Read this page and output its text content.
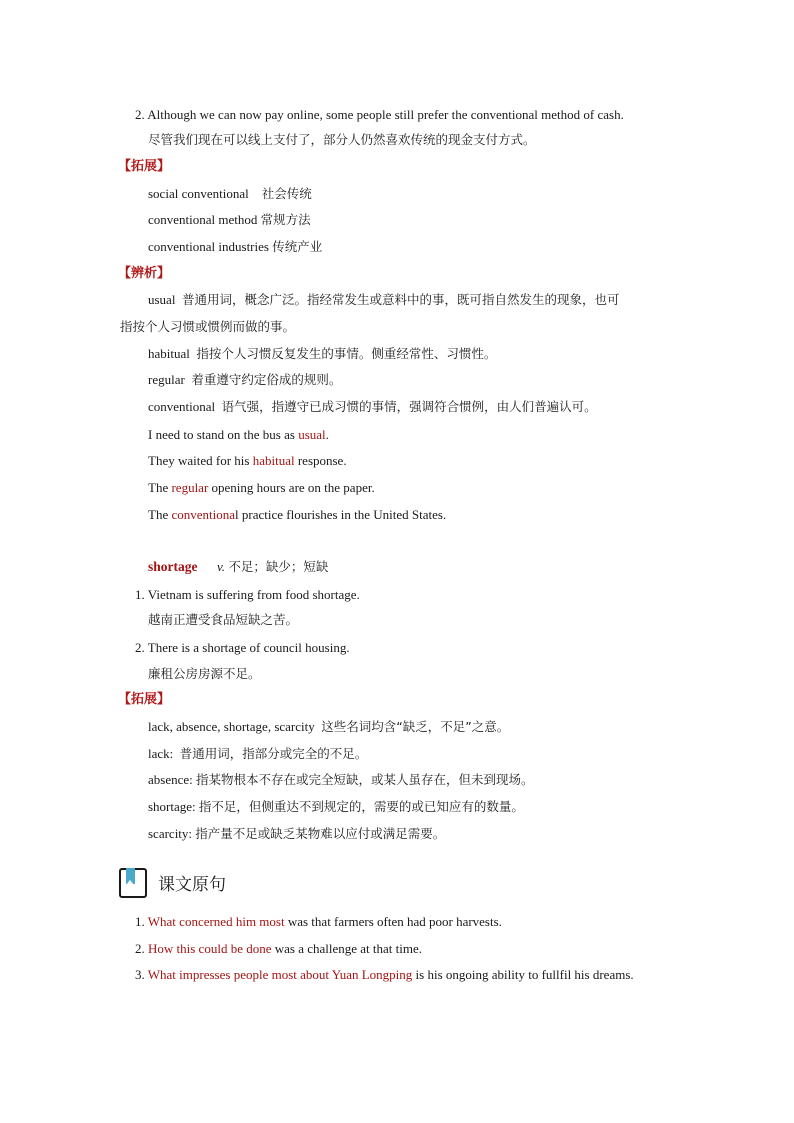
2. Although we can now pay online, some people still prefer the conventional method of cash.
尽管我们现在可以线上支付了，部分人仍然喜欢传统的现金支付方式。
【拓展】
social conventional 社会传统
conventional method 常规方法
conventional industries 传统产业
【辨析】
usual 普通用词，概念广泛。指经常发生或意料中的事，既可指自然发生的现象，也可
指按个人习惯或惯例而做的事。
habitual 指按个人习惯反复发生的事情。侧重经常性、习惯性。
regular 着重遵守约定俗成的规则。
conventional 语气强，指遵守已成习惯的事情，强调符合惯例，由人们普遍认可。
I need to stand on the bus as usual.
They waited for his habitual response.
The regular opening hours are on the paper.
The conventional practice flourishes in the United States.
shortage v. 不足；缺少；短缺
1. Vietnam is suffering from food shortage.
越南正遭受食品短缺之苦。
2. There is a shortage of council housing.
廉租公房房源不足。
【拓展】
lack, absence, shortage, scarcity 这些名词均含“缺乏，不足”之意。
lack: 普通用词，指部分或完全的不足。
absence: 指某物根本不存在或完全短缺，或某人虽存在，但未到现场。
shortage: 指不足，但侧重达不到规定的，需要的或已知应有的数量。
scarcity: 指产量不足或缺乏某物难以应付或满足需要。
课文原句
1. What concerned him most was that farmers often had poor harvests.
2. How this could be done was a challenge at that time.
3. What impresses people most about Yuan Longping is his ongoing ability to fullfil his dreams.
